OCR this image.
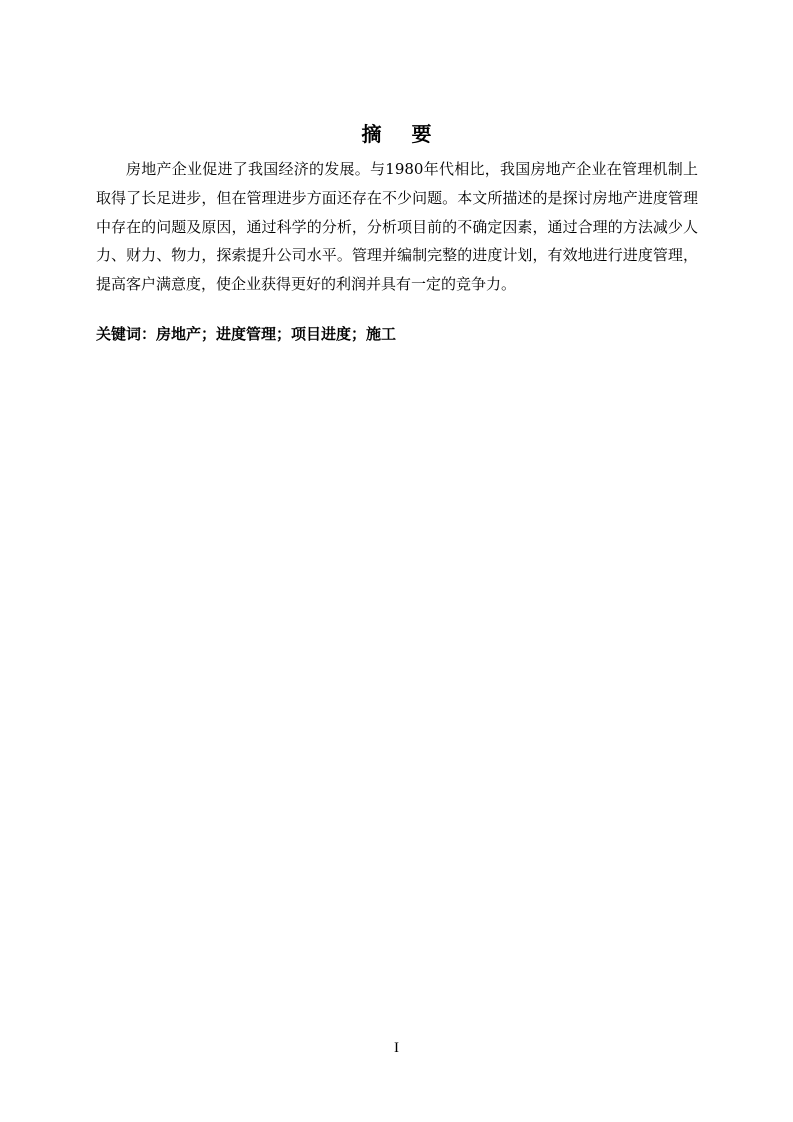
摘要

房地产企业促进了我国经济的发展。与1980年代相比，我国房地产企业在管理机制上取得了长足进步，但在管理进步方面还存在不少问题。本文所描述的是探讨房地产进度管理中存在的问题及原因，通过科学的分析，分析项目前的不确定因素，通过合理的方法减少人力、财力、物力，探索提升公司水平。管理并编制完整的进度计划，有效地进行进度管理，提高客户满意度，使企业获得更好的利润并具有一定的竞争力。

关键词：房地产；进度管理；项目进度；施工
I
